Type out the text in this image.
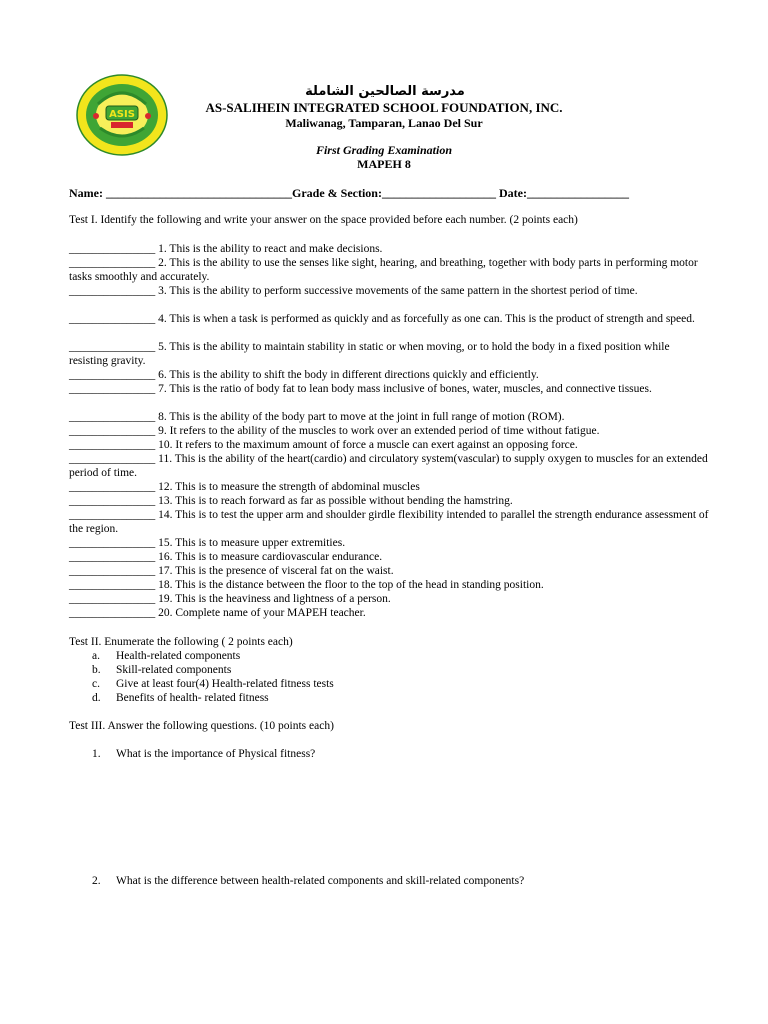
ASIS
مدرسة الصالحين الشاملة
AS-SALIHEIN INTEGRATED SCHOOL FOUNDATION, INC.
Maliwanag, Tamparan, Lanao Del Sur
First Grading Examination
MAPEH 8
Name: _______________________________Grade & Section:___________________ Date:_________________
Test I. Identify the following and write your answer on the space provided before each number. (2 points each)
_______________ 1. This is the ability to react and make decisions.
_______________ 2. This is the ability to use the senses like sight, hearing, and breathing, together with body parts in performing motor tasks smoothly and accurately.
_______________ 3. This is the ability to perform successive movements of the same pattern in the shortest period of time.
_______________ 4. This is when a task is performed as quickly and as forcefully as one can. This is the product of strength and speed.
_______________ 5. This is the ability to maintain stability in static or when moving, or to hold the body in a fixed position while resisting gravity.
_______________ 6. This is the ability to shift the body in different directions quickly and efficiently.
_______________ 7. This is the ratio of body fat to lean body mass inclusive of bones, water, muscles, and connective tissues.
_______________ 8. This is the ability of the body part to move at the joint in full range of motion (ROM).
_______________ 9. It refers to the ability of the muscles to work over an extended period of time without fatigue.
_______________ 10. It refers to the maximum amount of force a muscle can exert against an opposing force.
_______________ 11. This is the ability of the heart(cardio) and circulatory system(vascular) to supply oxygen to muscles for an extended period of time.
_______________ 12. This is to measure the strength of abdominal muscles
_______________ 13. This is to reach forward as far as possible without bending the hamstring.
_______________ 14. This is to test the upper arm and shoulder girdle flexibility intended to parallel the strength endurance assessment of the region.
_______________ 15. This is to measure upper extremities.
_______________ 16. This is to measure cardiovascular endurance.
_______________ 17. This is the presence of visceral fat on the waist.
_______________ 18. This is the distance between the floor to the top of the head in standing position.
_______________ 19. This is the heaviness and lightness of a person.
_______________ 20. Complete name of your MAPEH teacher.
Test II. Enumerate the following ( 2 points each)
a. Health-related components
b. Skill-related components
c. Give at least four(4) Health-related fitness tests
d. Benefits of health- related fitness
Test III. Answer the following questions. (10 points each)
1. What is the importance of Physical fitness?
2. What is the difference between health-related components and skill-related components?
